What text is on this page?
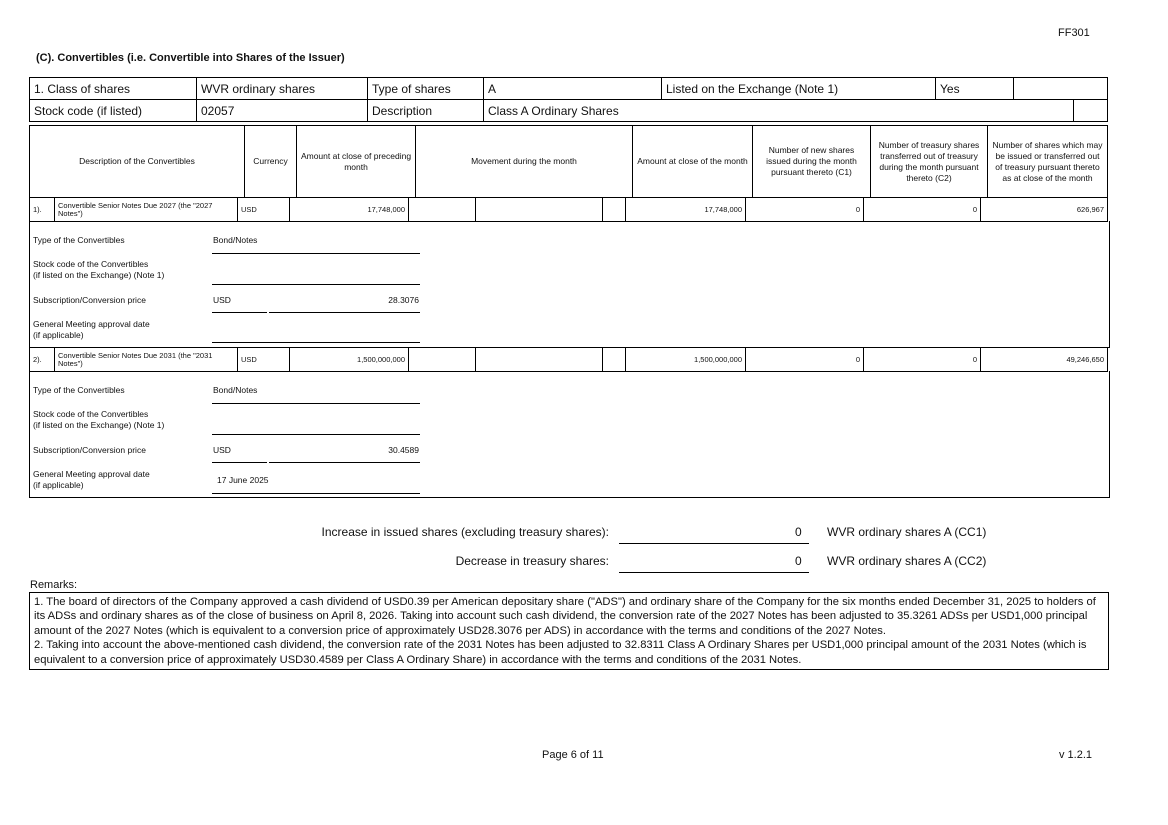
FF301
(C). Convertibles (i.e. Convertible into Shares of the Issuer)
1. Class of shares	WVR ordinary shares	Type of shares	A	Listed on the Exchange (Note 1)	Yes	
Stock code (if listed)	02057	Description	Class A Ordinary Shares			
Description of the Convertibles	Currency	Amount at close of preceding month	Movement during the month	Amount at close of the month	Number of new shares issued during the month pursuant thereto (C1)	Number of treasury shares transferred out of treasury during the month pursuant thereto (C2)	Number of shares which may be issued or transferred out of treasury pursuant thereto as at close of the month
1).	Convertible Senior Notes Due 2027 (the "2027 Notes")	USD	17,748,000				17,748,000	0	0	626,967
Type of the Convertibles	Bond/Notes
Stock code of the Convertibles
(if listed on the Exchange) (Note 1)
Subscription/Conversion price	USD	28.3076
General Meeting approval date
(if applicable)
2).	Convertible Senior Notes Due 2031 (the "2031 Notes")	USD	1,500,000,000				1,500,000,000	0	0	49,246,650
Type of the Convertibles	Bond/Notes
Stock code of the Convertibles
(if listed on the Exchange) (Note 1)
Subscription/Conversion price	USD	30.4589
General Meeting approval date
(if applicable)	17 June 2025
Increase in issued shares (excluding treasury shares):	0 WVR ordinary shares A (CC1)
Decrease in treasury shares:	0 WVR ordinary shares A (CC2)
Remarks:
1. The board of directors of the Company approved a cash dividend of USD0.39 per American depositary share ("ADS") and ordinary share of the Company for the six months ended December 31, 2025 to holders of its ADSs and ordinary shares as of the close of business on April 8, 2026. Taking into account such cash dividend, the conversion rate of the 2027 Notes has been adjusted to 35.3261 ADSs per USD1,000 principal amount of the 2027 Notes (which is equivalent to a conversion price of approximately USD28.3076 per ADS) in accordance with the terms and conditions of the 2027 Notes.
2. Taking into account the above-mentioned cash dividend, the conversion rate of the 2031 Notes has been adjusted to 32.8311 Class A Ordinary Shares per USD1,000 principal amount of the 2031 Notes (which is equivalent to a conversion price of approximately USD30.4589 per Class A Ordinary Share) in accordance with the terms and conditions of the 2031 Notes.
Page 6 of 11	v 1.2.1
